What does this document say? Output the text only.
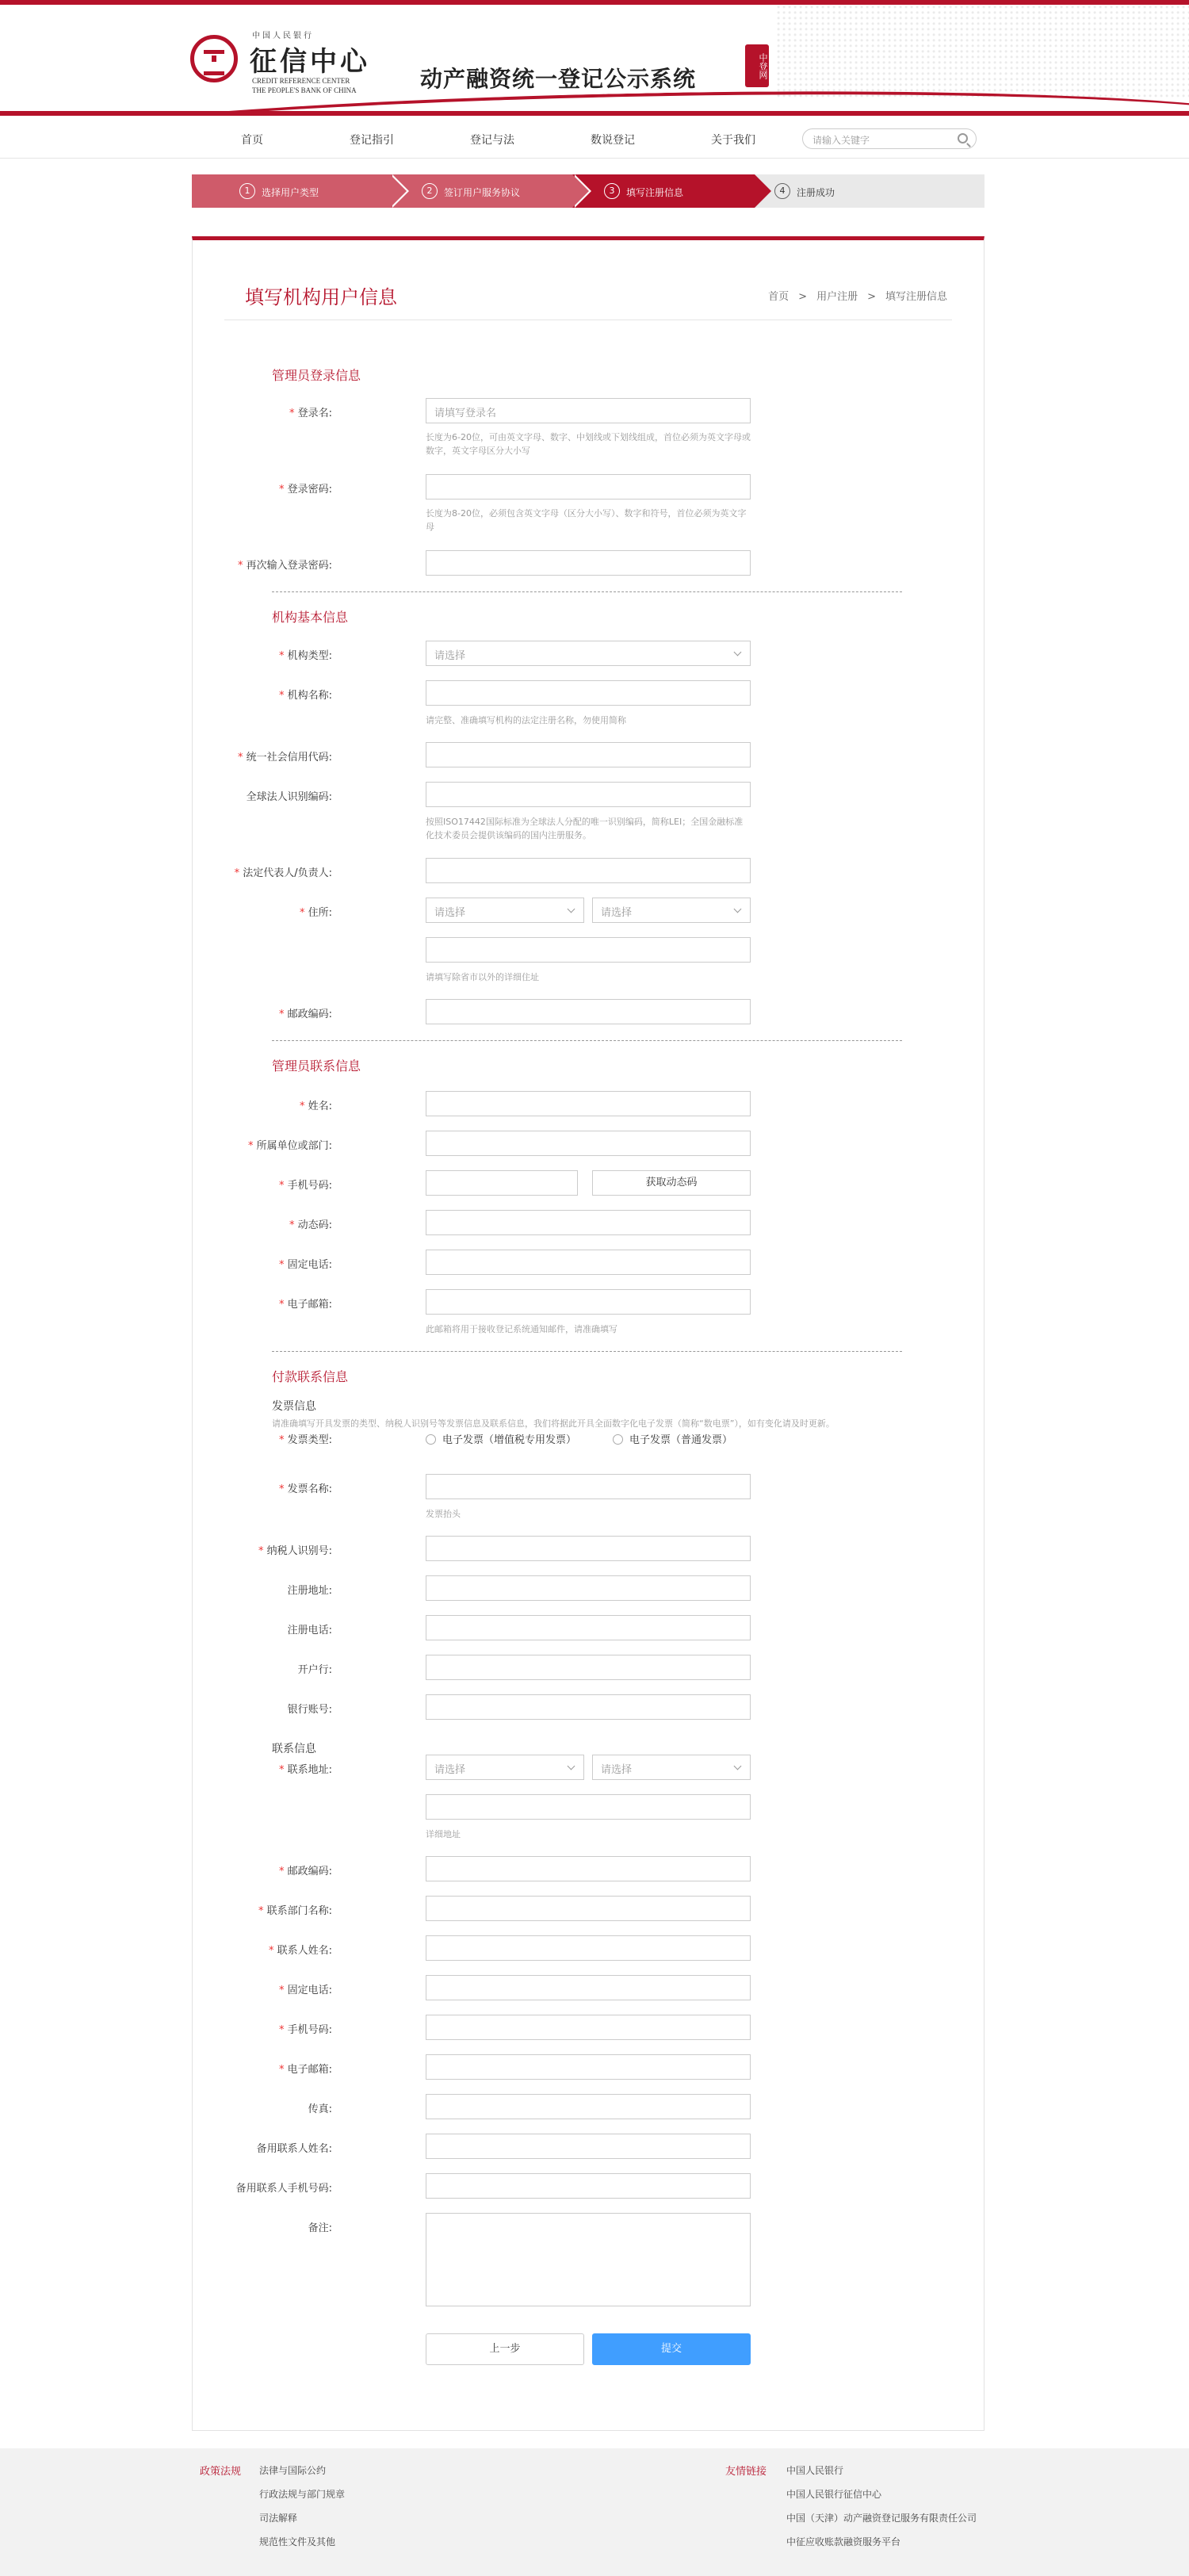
中国人民银行
征信中心
CREDIT REFERENCE CENTER
THE PEOPLE'S BANK OF CHINA	动产融资统一登记公示系统	中登网
首页	登记指引	登记与法	数说登记	关于我们	请输入关键字
1	选择用户类型	2	签订用户服务协议	3	填写注册信息	4	注册成功
填写机构用户信息	首页 > 用户注册 > 填写注册信息
管理员登录信息
* 登录名:	请填写登录名
长度为6-20位，可由英文字母、数字、中划线或下划线组成，首位必须为英文字母或数字，英文字母区分大小写
* 登录密码:
长度为8-20位，必须包含英文字母（区分大小写）、数字和符号，首位必须为英文字母
* 再次输入登录密码:
机构基本信息
* 机构类型:	请选择
* 机构名称:
请完整、准确填写机构的法定注册名称，勿使用简称
* 统一社会信用代码:
全球法人识别编码:
按照ISO17442国际标准为全球法人分配的唯一识别编码，简称LEI；全国金融标准化技术委员会提供该编码的国内注册服务。
* 法定代表人/负责人:
* 住所:	请选择	请选择
请填写除省市以外的详细住址
* 邮政编码:
管理员联系信息
* 姓名:
* 所属单位或部门:
* 手机号码:	获取动态码
* 动态码:
* 固定电话:
* 电子邮箱:
此邮箱将用于接收登记系统通知邮件，请准确填写
付款联系信息
发票信息
请准确填写开具发票的类型、纳税人识别号等发票信息及联系信息，我们将据此开具全面数字化电子发票（简称“数电票”），如有变化请及时更新。
* 发票类型:	电子发票（增值税专用发票）	电子发票（普通发票）
* 发票名称:
发票抬头
* 纳税人识别号:
注册地址:
注册电话:
开户行:
银行账号:
联系信息
* 联系地址:	请选择	请选择
详细地址
* 邮政编码:
* 联系部门名称:
* 联系人姓名:
* 固定电话:
* 手机号码:
* 电子邮箱:
传真:
备用联系人姓名:
备用联系人手机号码:
备注:
上一步	提交
政策法规 法律与国际公约
行政法规与部门规章
司法解释
规范性文件及其他
友情链接 中国人民银行
中国人民银行征信中心
中国（天津）动产融资登记服务有限责任公司
中征应收账款融资服务平台
